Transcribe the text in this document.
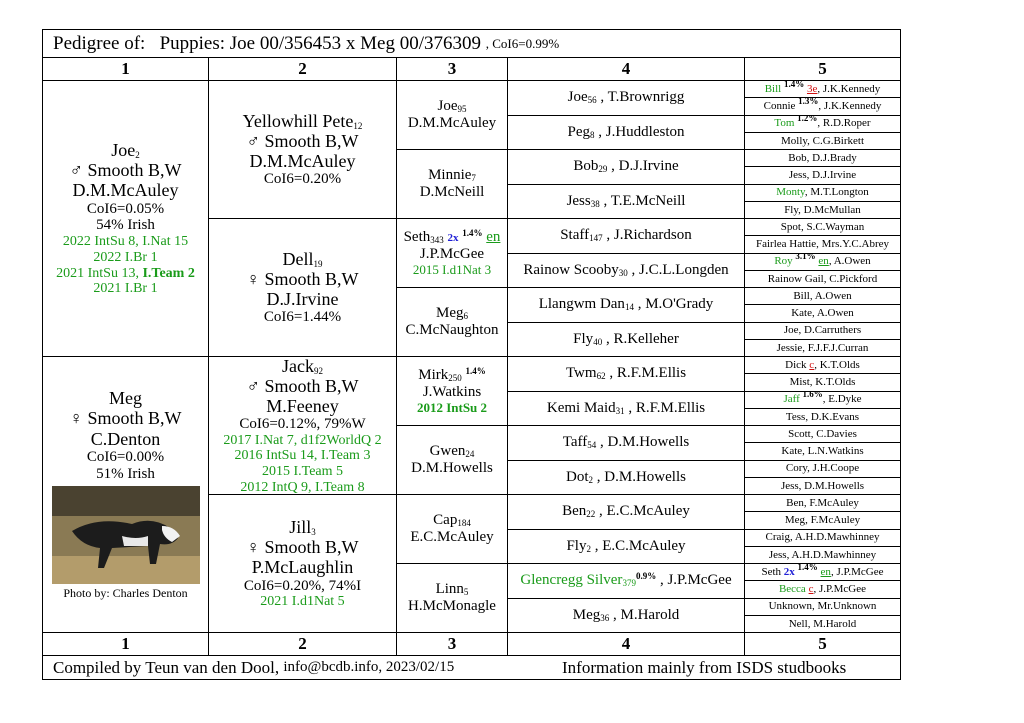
Pedigree of:
Puppies: Joe 00/356453 x Meg 00/376309
, CoI6=0.99%
1
1
2
2
3
3
4
4
5
5
Joe$_2$
♂ Smooth B,W
D.M.McAuley
CoI6=0.05%
54% Irish
2022 IntSu 8, I.Nat 15
2022 I.Br 1
2021 IntSu 13, I.Team 2
2021 I.Br 1
Meg
♀ Smooth B,W
C.Denton
CoI6=0.00%
51% Irish
Photo by: Charles Denton
Yellowhill Pete$_{12}$
♂ Smooth B,W
D.M.McAuley
CoI6=0.20%
Dell$_{19}$
♀ Smooth B,W
D.J.Irvine
CoI6=1.44%
Jack$_{92}$
♂ Smooth B,W
M.Feeney
CoI6=0.12%, 79%W
2017 I.Nat 7, d1f2WorldQ 2
2016 IntSu 14, I.Team 3
2015 I.Team 5
2012 IntQ 9, I.Team 8
Jill$_3$
♀ Smooth B,W
P.McLaughlin
CoI6=0.20%, 74%I
2021 I.d1Nat 5
Joe$_{95}$
D.M.McAuley
Minnie$_7$
D.McNeill
Seth$_{343}$ 2x $^{1.4\%}$ en
J.P.McGee
2015 I.d1Nat 3
Meg$_6$
C.McNaughton
Mirk$_{250}$ $^{1.4\%}$
J.Watkins
2012 IntSu 2
Gwen$_{24}$
D.M.Howells
Cap$_{184}$
E.C.McAuley
Linn$_5$
H.McMonagle
Joe$_{56}$ , T.Brownrigg
Peg$_8$ , J.Huddleston
Bob$_{29}$ , D.J.Irvine
Jess$_{38}$ , T.E.McNeill
Staff$_{147}$ , J.Richardson
Rainow Scooby$_{30}$ , J.C.L.Longden
Llangwm Dan$_{14}$ , M.O'Grady
Fly$_{40}$ , R.Kelleher
Twm$_{62}$ , R.F.M.Ellis
Kemi Maid$_{31}$ , R.F.M.Ellis
Taff$_{54}$ , D.M.Howells
Dot$_2$ , D.M.Howells
Ben$_{22}$ , E.C.McAuley
Fly$_2$ , E.C.McAuley
Glencregg Silver$_{379}^{0.9\%}$ , J.P.McGee
Meg$_{36}$ , M.Harold
Bill $^{1.4\%}$ 3e, J.K.Kennedy
Connie $^{1.3\%}$, J.K.Kennedy
Tom $^{1.2\%}$, R.D.Roper
Molly, C.G.Birkett
Bob, D.J.Brady
Jess, D.J.Irvine
Monty, M.T.Longton
Fly, D.McMullan
Spot, S.C.Wayman
Fairlea Hattie, Mrs.Y.C.Abrey
Roy $^{3.1\%}$ en, A.Owen
Rainow Gail, C.Pickford
Bill, A.Owen
Kate, A.Owen
Joe, D.Carruthers
Jessie, F.J.F.J.Curran
Dick c, K.T.Olds
Mist, K.T.Olds
Jaff $^{1.6\%}$, E.Dyke
Tess, D.K.Evans
Scott, C.Davies
Kate, L.N.Watkins
Cory, J.H.Coope
Jess, D.M.Howells
Ben, F.McAuley
Meg, F.McAuley
Craig, A.H.D.Mawhinney
Jess, A.H.D.Mawhinney
Seth 2x $^{1.4\%}$ en, J.P.McGee
Becca c, J.P.McGee
Unknown, Mr.Unknown
Nell, M.Harold
Compiled by Teun van den Dool,
info@bcdb.info, 2023/02/15	Information mainly from ISDS studbooks
